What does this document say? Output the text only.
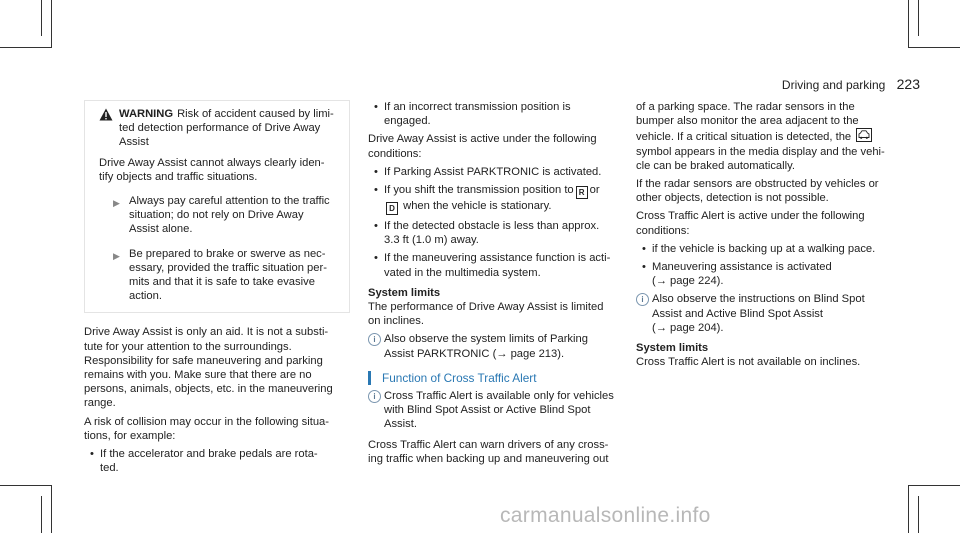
Driving and parking 223
WARNING Risk of accident caused by limi-
ted detection performance of Drive Away
Assist
Drive Away Assist cannot always clearly iden-
tify objects and traffic situations.
▶ Always pay careful attention to the traffic
situation; do not rely on Drive Away
Assist alone.
▶ Be prepared to brake or swerve as nec-
essary, provided the traffic situation per-
mits and that it is safe to take evasive
action.

Drive Away Assist is only an aid. It is not a substi-
tute for your attention to the surroundings.
Responsibility for safe maneuvering and parking
remains with you. Make sure that there are no
persons, animals, objects, etc. in the maneuvering
range.

A risk of collision may occur in the following situa-
tions, for example:

• If the accelerator and brake pedals are rota-
ted.
• If an incorrect transmission position is
engaged.

Drive Away Assist is active under the following
conditions:

• If Parking Assist PARKTRONIC is activated.
• If you shift the transmission position to R or
D when the vehicle is stationary.
• If the detected obstacle is less than approx.
3.3 ft (1.0 m) away.
• If the maneuvering assistance function is acti-
vated in the multimedia system.
System limits

The performance of Drive Away Assist is limited
on inclines.

i Also observe the system limits of Parking
Assist PARKTRONIC (→ page 213).
Function of Cross Traffic Alert
i Cross Traffic Alert is available only for vehicles
with Blind Spot Assist or Active Blind Spot
Assist.

Cross Traffic Alert can warn drivers of any cross-
ing traffic when backing up and maneuvering out

of a parking space. The radar sensors in the
bumper also monitor the area adjacent to the
vehicle. If a critical situation is detected, the

symbol appears in the media display and the vehi-
cle can be braked automatically.

If the radar sensors are obstructed by vehicles or
other objects, detection is not possible.

Cross Traffic Alert is active under the following
conditions:

• if the vehicle is backing up at a walking pace.
• Maneuvering assistance is activated
(→ page 224).
i Also observe the instructions on Blind Spot
Assist and Active Blind Spot Assist
(→ page 204).
System limits

Cross Traffic Alert is not available on inclines.

carmanualsonline.info
